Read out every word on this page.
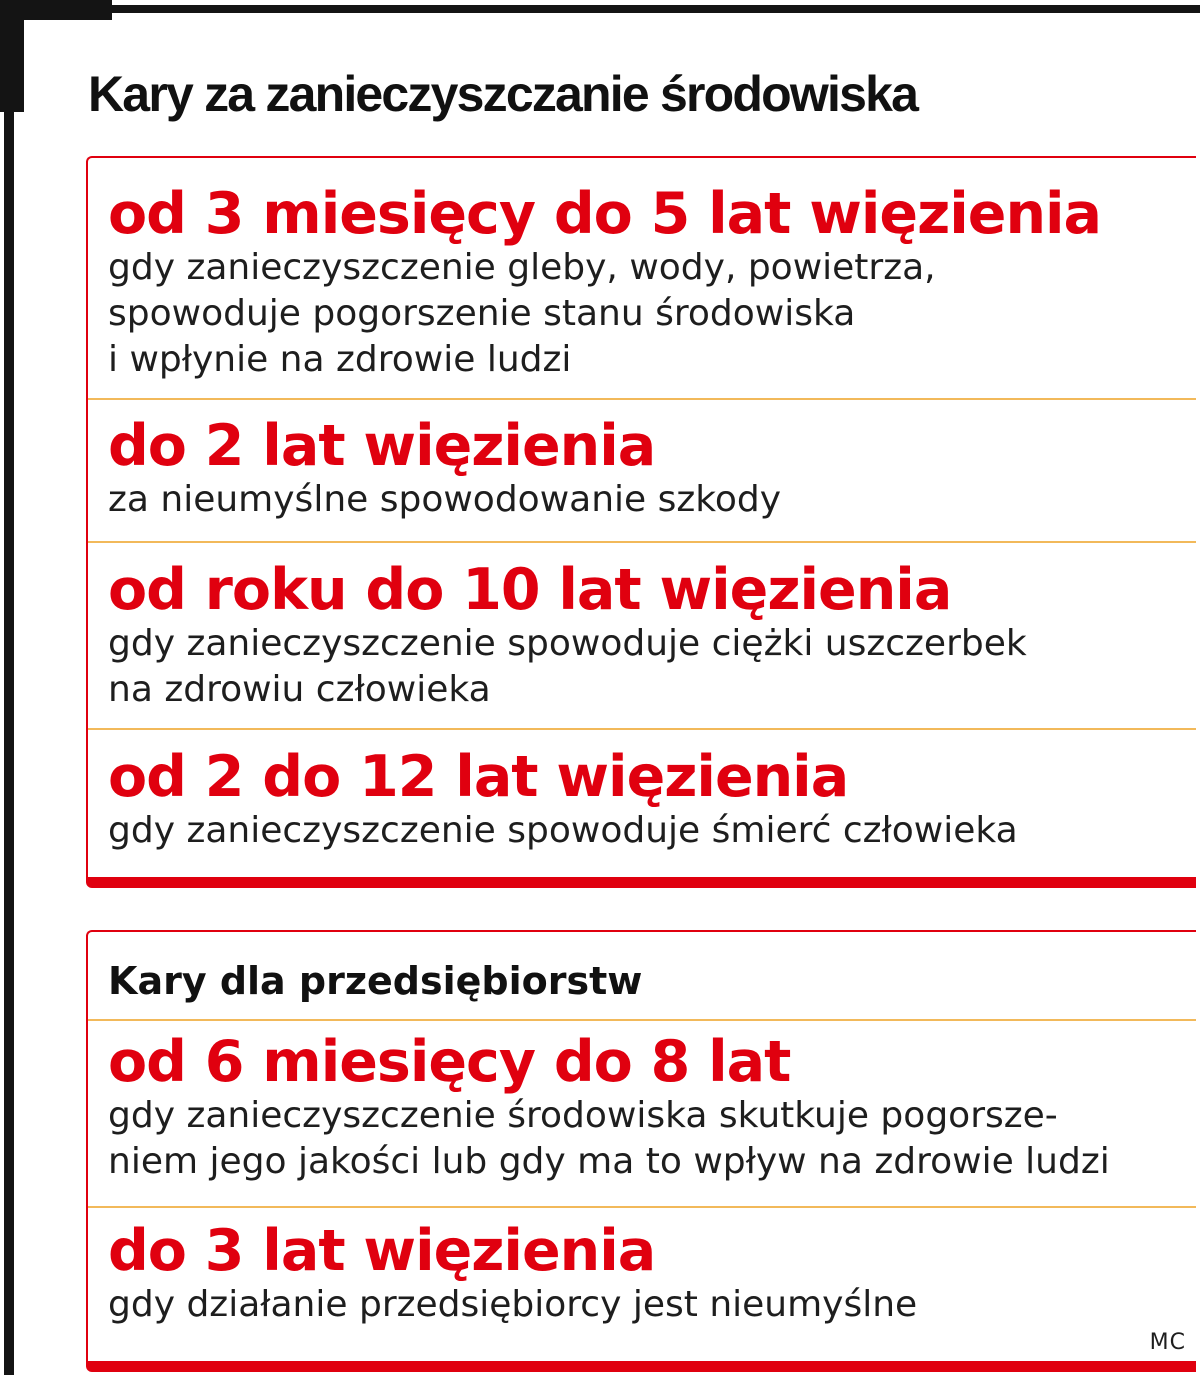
Kary za zanieczyszczanie środowiska
od 3 miesięcy do 5 lat więzienia
gdy zanieczyszczenie gleby, wody, powietrza,
spowoduje pogorszenie stanu środowiska
i wpłynie na zdrowie ludzi
do 2 lat więzienia
za nieumyślne spowodowanie szkody
od roku do 10 lat więzienia
gdy zanieczyszczenie spowoduje ciężki uszczerbek
na zdrowiu człowieka
od 2 do 12 lat więzienia
gdy zanieczyszczenie spowoduje śmierć człowieka
Kary dla przedsiębiorstw
od 6 miesięcy do 8 lat
gdy zanieczyszczenie środowiska skutkuje pogorsze-
niem jego jakości lub gdy ma to wpływ na zdrowie ludzi
do 3 lat więzienia
gdy działanie przedsiębiorcy jest nieumyślne
MC
